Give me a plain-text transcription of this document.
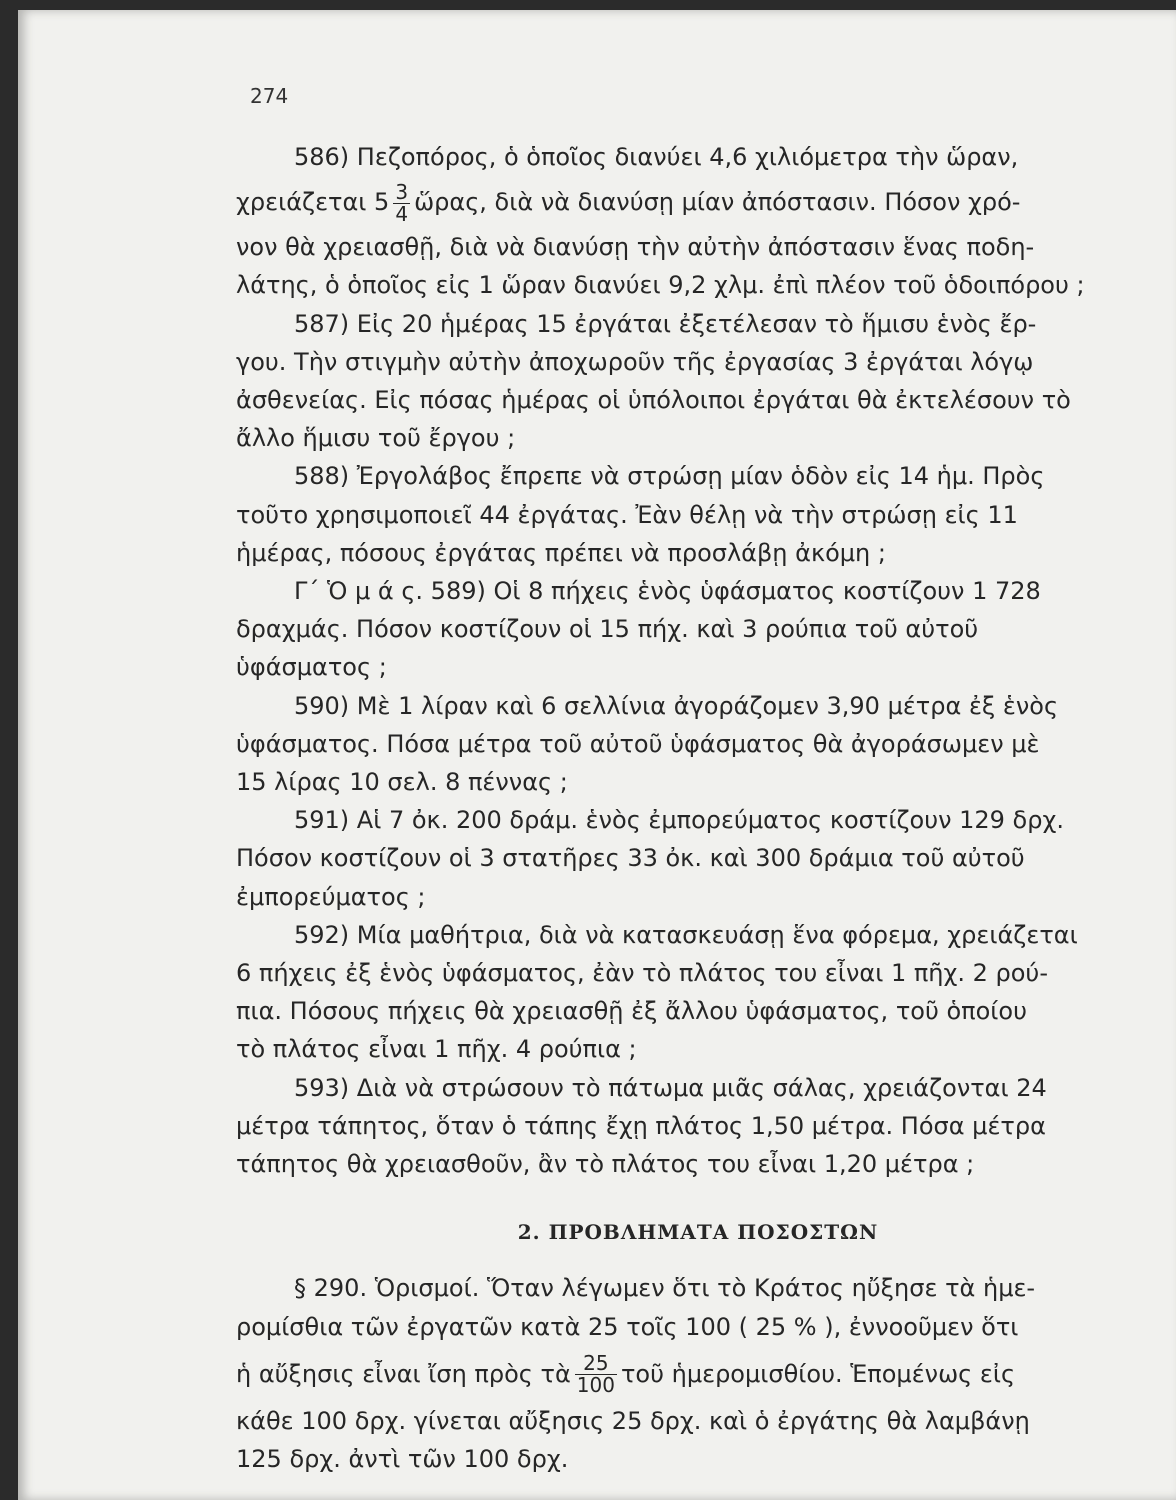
274
586) Πεζοπόρος, ὁ ὁποῖος διανύει 4,6 χιλιόμετρα τὴν ὥραν,
χρειάζεται $5 \frac{3}{4}$ ὥρας, διὰ νὰ διανύσῃ μίαν ἀπόστασιν. Πόσον χρό-
νον θὰ χρειασθῇ, διὰ νὰ διανύσῃ τὴν αὐτὴν ἀπόστασιν ἕνας ποδη-
λάτης, ὁ ὁποῖος εἰς 1 ὥραν διανύει 9,2 χλμ. ἐπὶ πλέον τοῦ ὁδοιπόρου ;
587) Εἰς 20 ἡμέρας 15 ἐργάται ἐξετέλεσαν τὸ ἥμισυ ἑνὸς ἔρ-
γου. Τὴν στιγμὴν αὐτὴν ἀποχωροῦν τῆς ἐργασίας 3 ἐργάται λόγῳ
ἀσθενείας. Εἰς πόσας ἡμέρας οἱ ὑπόλοιποι ἐργάται θὰ ἐκτελέσουν τὸ
ἄλλο ἥμισυ τοῦ ἔργου ;
588) Ἐργολάβος ἔπρεπε νὰ στρώσῃ μίαν ὁδὸν εἰς 14 ἡμ. Πρὸς
τοῦτο χρησιμοποιεῖ 44 ἐργάτας. Ἐὰν θέλῃ νὰ τὴν στρώσῃ εἰς 11
ἡμέρας, πόσους ἐργάτας πρέπει νὰ προσλάβῃ ἀκόμη ;
Γ΄ Ὁ μ ά ς. 589) Οἱ 8 πήχεις ἑνὸς ὑφάσματος κοστίζουν 1 728
δραχμάς. Πόσον κοστίζουν οἱ 15 πήχ. καὶ 3 ρούπια τοῦ αὐτοῦ
ὑφάσματος ;
590) Μὲ 1 λίραν καὶ 6 σελλίνια ἀγοράζομεν 3,90 μέτρα ἐξ ἑνὸς
ὑφάσματος. Πόσα μέτρα τοῦ αὐτοῦ ὑφάσματος θὰ ἀγοράσωμεν μὲ
15 λίρας 10 σελ. 8 πέννας ;
591) Αἱ 7 ὀκ. 200 δράμ. ἑνὸς ἐμπορεύματος κοστίζουν 129 δρχ.
Πόσον κοστίζουν οἱ 3 στατῆρες 33 ὀκ. καὶ 300 δράμια τοῦ αὐτοῦ
ἐμπορεύματος ;
592) Μία μαθήτρια, διὰ νὰ κατασκευάσῃ ἕνα φόρεμα, χρειάζεται
6 πήχεις ἐξ ἑνὸς ὑφάσματος, ἐὰν τὸ πλάτος του εἶναι 1 πῆχ. 2 ρού-
πια. Πόσους πήχεις θὰ χρειασθῇ ἐξ ἄλλου ὑφάσματος, τοῦ ὁποίου
τὸ πλάτος εἶναι 1 πῆχ. 4 ρούπια ;
593) Διὰ νὰ στρώσουν τὸ πάτωμα μιᾶς σάλας, χρειάζονται 24
μέτρα τάπητος, ὅταν ὁ τάπης ἔχῃ πλάτος 1,50 μέτρα. Πόσα μέτρα
τάπητος θὰ χρειασθοῦν, ἂν τὸ πλάτος του εἶναι 1,20 μέτρα ;
2. ΠΡΟΒΛΗΜΑΤΑ ΠΟΣΟΣΤΩΝ
§ 290. Ὁρισμοί. Ὅταν λέγωμεν ὅτι τὸ Κράτος ηὔξησε τὰ ἡμε-
ρομίσθια τῶν ἐργατῶν κατὰ 25 τοῖς 100 ( 25 % ), ἐννοοῦμεν ὅτι
ἡ αὔξησις εἶναι ἴση πρὸς τὰ $\frac{25}{100}$ τοῦ ἡμερομισθίου. Ἑπομένως εἰς
κάθε 100 δρχ. γίνεται αὔξησις 25 δρχ. καὶ ὁ ἐργάτης θὰ λαμβάνῃ
125 δρχ. ἀντὶ τῶν 100 δρχ.
